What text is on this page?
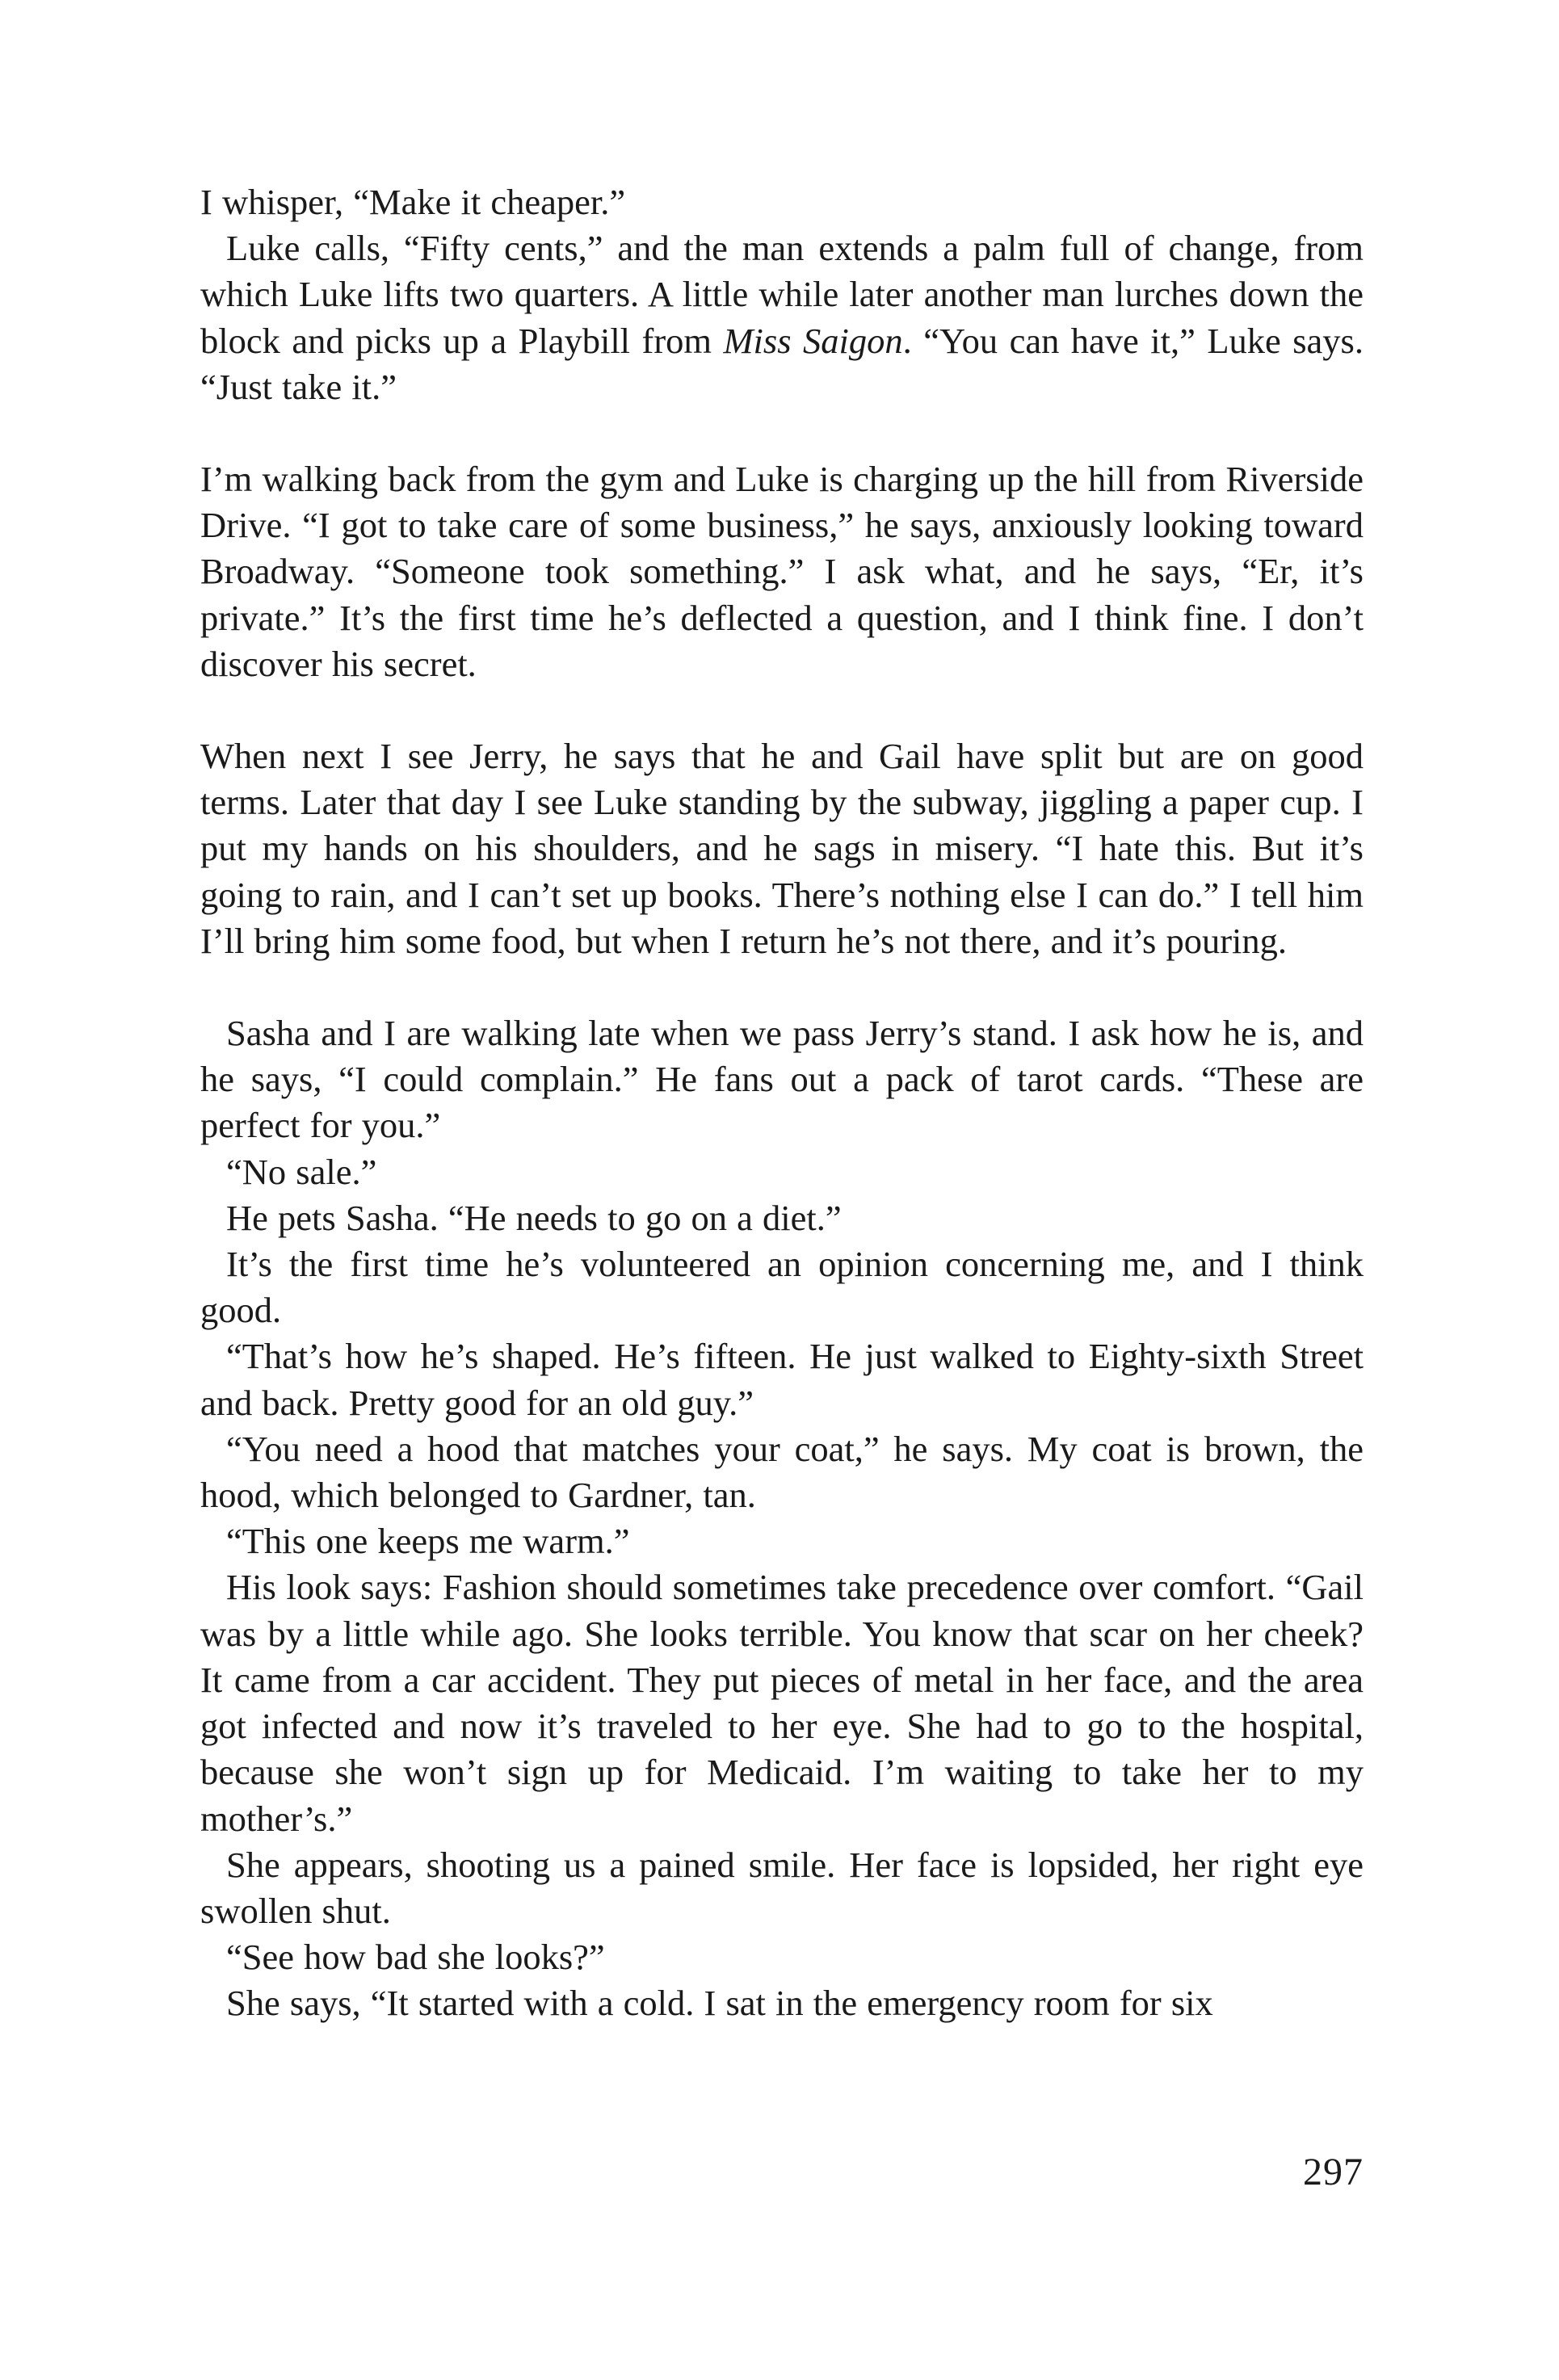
I whisper, “Make it cheaper.”

Luke calls, “Fifty cents,” and the man extends a palm full of change, from which Luke lifts two quarters. A little while later another man lurches down the block and picks up a Playbill from Miss Saigon. “You can have it,” Luke says. “Just take it.”

I’m walking back from the gym and Luke is charging up the hill from Riverside Drive. “I got to take care of some business,” he says, anxiously looking toward Broadway. “Someone took something.” I ask what, and he says, “Er, it’s private.” It’s the first time he’s deflected a question, and I think fine. I don’t discover his secret.

When next I see Jerry, he says that he and Gail have split but are on good terms. Later that day I see Luke standing by the subway, jiggling a paper cup. I put my hands on his shoulders, and he sags in misery. “I hate this. But it’s going to rain, and I can’t set up books. There’s nothing else I can do.” I tell him I’ll bring him some food, but when I return he’s not there, and it’s pouring.

Sasha and I are walking late when we pass Jerry’s stand. I ask how he is, and he says, “I could complain.” He fans out a pack of tarot cards. “These are perfect for you.”

“No sale.”

He pets Sasha. “He needs to go on a diet.”

It’s the first time he’s volunteered an opinion concerning me, and I think good.

“That’s how he’s shaped. He’s fifteen. He just walked to Eighty-sixth Street and back. Pretty good for an old guy.”

“You need a hood that matches your coat,” he says. My coat is brown, the hood, which belonged to Gardner, tan.

“This one keeps me warm.”

His look says: Fashion should sometimes take precedence over comfort. “Gail was by a little while ago. She looks terrible. You know that scar on her cheek? It came from a car accident. They put pieces of metal in her face, and the area got infected and now it’s traveled to her eye. She had to go to the hospital, because she won’t sign up for Medicaid. I’m waiting to take her to my mother’s.”

She appears, shooting us a pained smile. Her face is lopsided, her right eye swollen shut.

“See how bad she looks?”

She says, “It started with a cold. I sat in the emergency room for six

297
